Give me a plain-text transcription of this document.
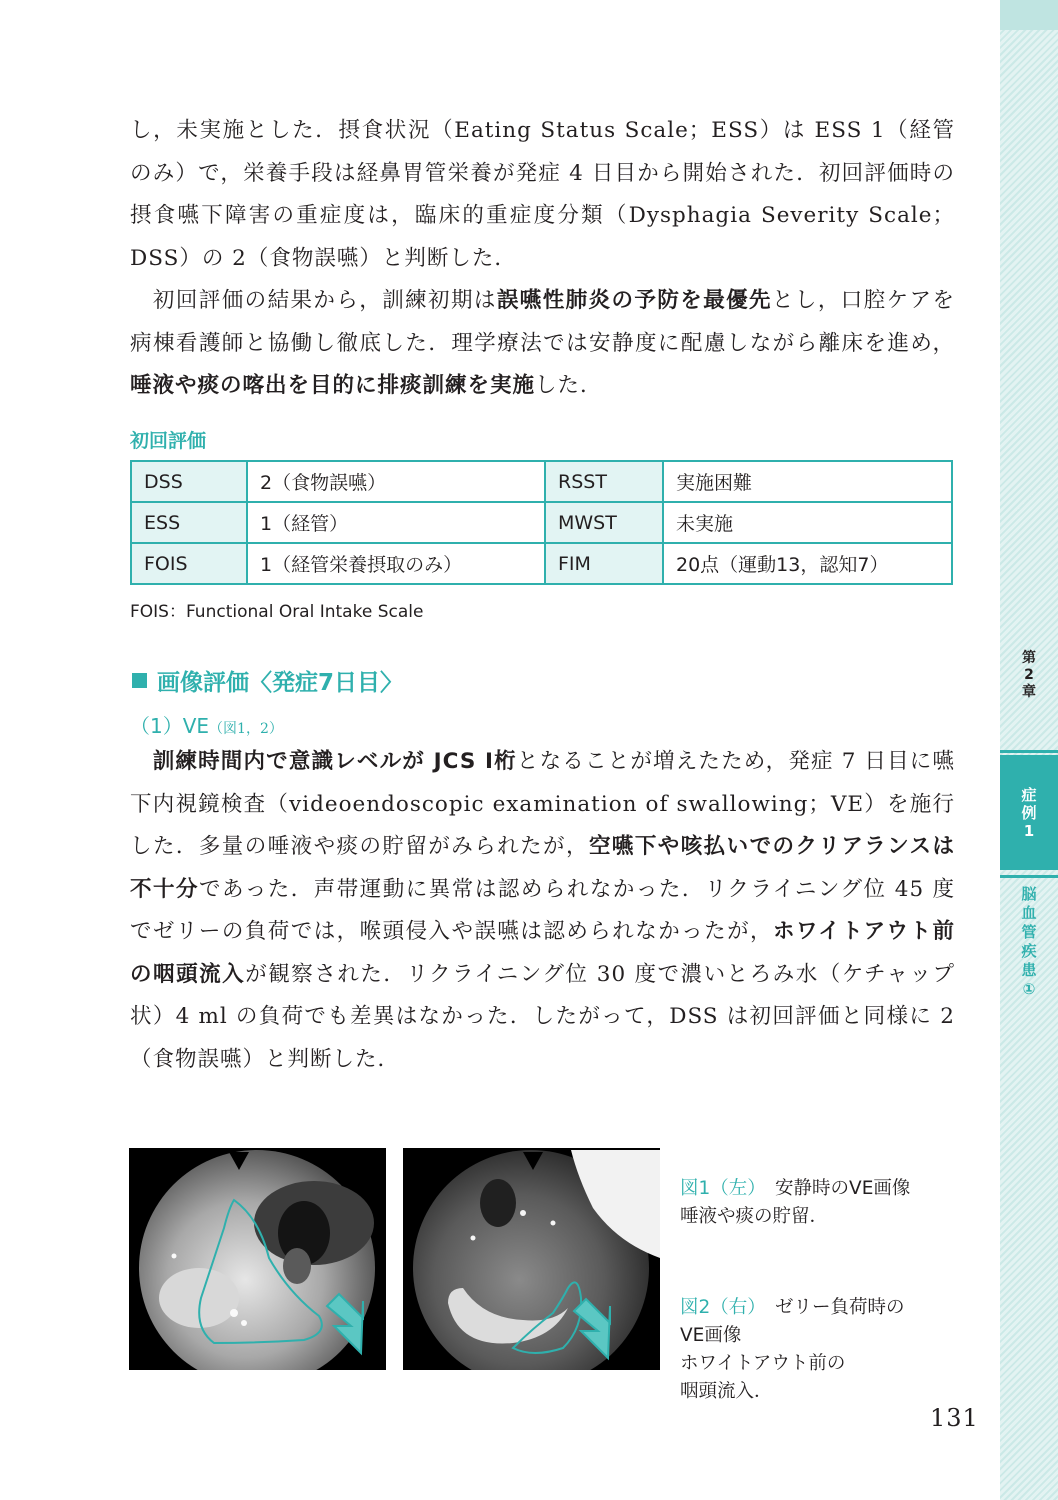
第
2
章
症
例
1
脳
血
管
疾
患
①

し，未実施とした．摂食状況（Eating Status Scale；ESS）は ESS 1（経管のみ）で，栄養手段は経鼻胃管栄養が発症 4 日目から開始された．初回評価時の摂食嚥下障害の重症度は，臨床的重症度分類（Dysphagia Severity Scale；DSS）の 2（食物誤嚥）と判断した．

　初回評価の結果から，訓練初期は誤嚥性肺炎の予防を最優先とし，口腔ケアを病棟看護師と協働し徹底した．理学療法では安静度に配慮しながら離床を進め，唾液や痰の喀出を目的に排痰訓練を実施した．

初回評価
DSS	2（食物誤嚥）	RSST	実施困難
ESS	1（経管）	MWST	未実施
FOIS	1（経管栄養摂取のみ）	FIM	20点（運動13，認知7）
FOIS：Functional Oral Intake Scale
画像評価〈発症7日目〉
（1）VE（図1，2）

　訓練時間内で意識レベルが JCS Ⅰ桁となることが増えたため，発症 7 日目に嚥下内視鏡検査（videoendoscopic examination of swallowing；VE）を施行した．多量の唾液や痰の貯留がみられたが，空嚥下や咳払いでのクリアランスは不十分であった．声帯運動に異常は認められなかった．リクライニング位 45 度でゼリーの負荷では，喉頭侵入や誤嚥は認められなかったが，ホワイトアウト前の咽頭流入が観察された．リクライニング位 30 度で濃いとろみ水（ケチャップ状）4 ml の負荷でも差異はなかった．したがって，DSS は初回評価と同様に 2（食物誤嚥）と判断した．

図1（左）　 安静時のVE画像
唾液や痰の貯留．
図2（右）　 ゼリー負荷時の
VE画像
ホワイトアウト前の
咽頭流入．
131
